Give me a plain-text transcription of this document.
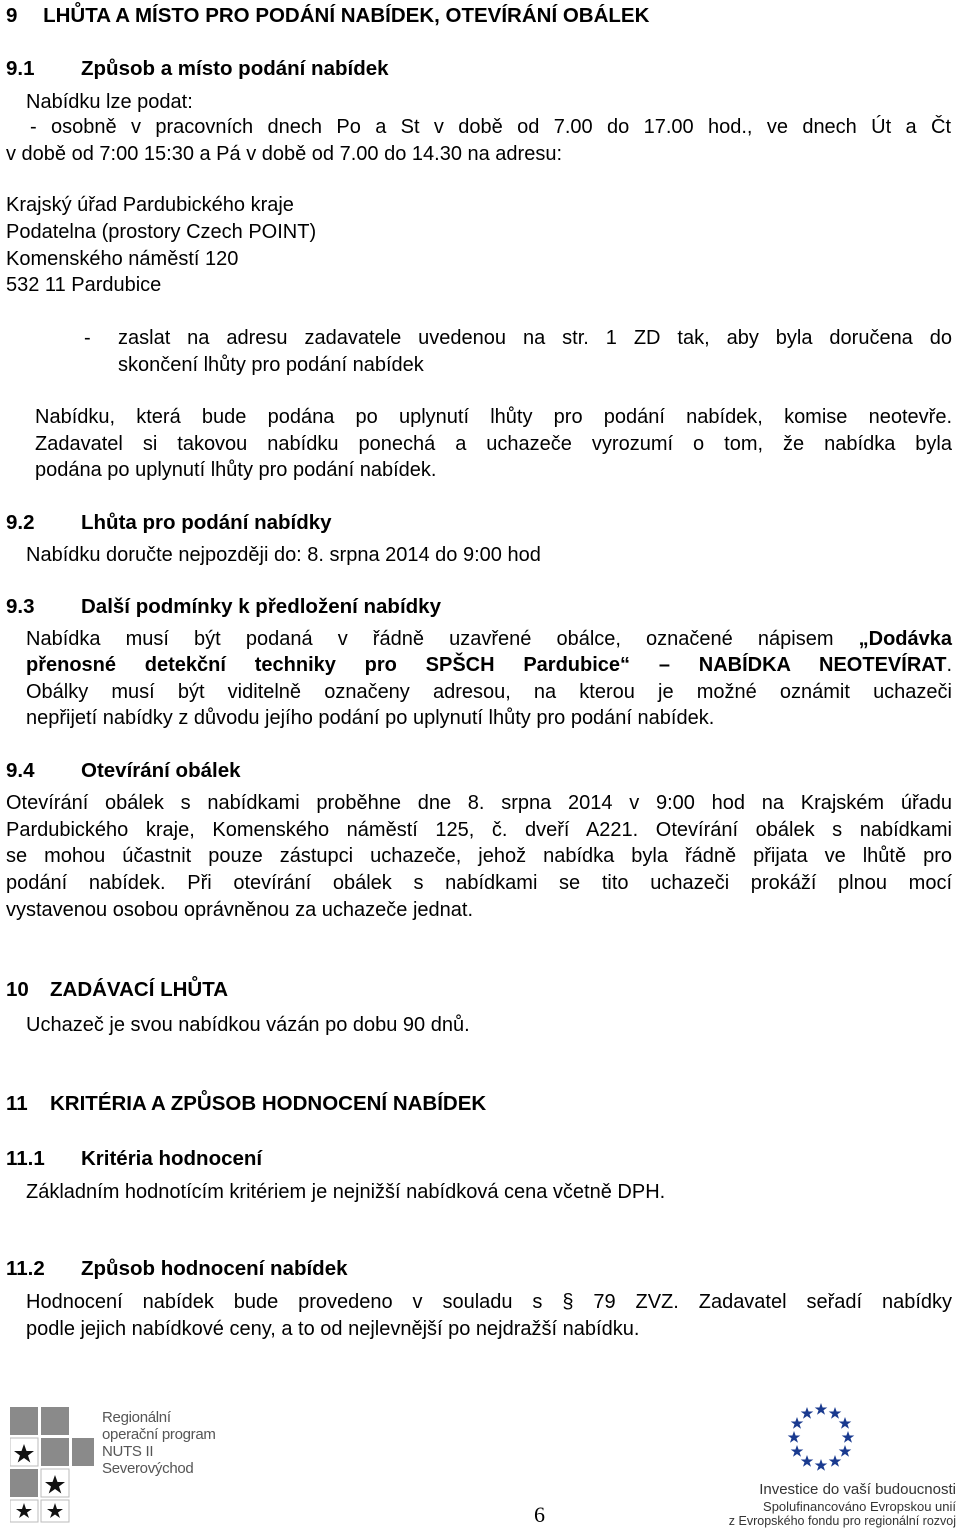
9 LHŮTA A MÍSTO PRO PODÁNÍ NABÍDEK, OTEVÍRÁNÍ OBÁLEK
9.1 Způsob a místo podání nabídek
Nabídku lze podat:
- osobně v pracovních dnech Po a St v době od 7.00 do 17.00 hod., ve dnech Út a Čt
v době od 7:00 15:30 a Pá v době od 7.00 do 14.30 na adresu:
Krajský úřad Pardubického kraje
Podatelna (prostory Czech POINT)
Komenského náměstí 120
532 11 Pardubice
- zaslat na adresu zadavatele uvedenou na str. 1 ZD tak, aby byla doručena do
skončení lhůty pro podání nabídek
Nabídku, která bude podána po uplynutí lhůty pro podání nabídek, komise neotevře.
Zadavatel si takovou nabídku ponechá a uchazeče vyrozumí o tom, že nabídka byla
podána po uplynutí lhůty pro podání nabídek.
9.2 Lhůta pro podání nabídky
Nabídku doručte nejpozději do: 8. srpna 2014 do 9:00 hod
9.3 Další podmínky k předložení nabídky
Nabídka musí být podaná v řádně uzavřené obálce, označené nápisem „Dodávka
přenosné detekční techniky pro SPŠCH Pardubice“ – NABÍDKA NEOTEVÍRAT.
Obálky musí být viditelně označeny adresou, na kterou je možné oznámit uchazeči
nepřijetí nabídky z důvodu jejího podání po uplynutí lhůty pro podání nabídek.
9.4 Otevírání obálek
Otevírání obálek s nabídkami proběhne dne 8. srpna 2014 v 9:00 hod na Krajském úřadu
Pardubického kraje, Komenského náměstí 125, č. dveří A221. Otevírání obálek s nabídkami
se mohou účastnit pouze zástupci uchazeče, jehož nabídka byla řádně přijata ve lhůtě pro
podání nabídek. Při otevírání obálek s nabídkami se tito uchazeči prokáží plnou mocí
vystavenou osobou oprávněnou za uchazeče jednat.
10 ZADÁVACÍ LHŮTA
Uchazeč je svou nabídkou vázán po dobu 90 dnů.
11 KRITÉRIA A ZPŮSOB HODNOCENÍ NABÍDEK
11.1 Kritéria hodnocení
Základním hodnotícím kritériem je nejnižší nabídková cena včetně DPH.
11.2 Způsob hodnocení nabídek
Hodnocení nabídek bude provedeno v souladu s § 79 ZVZ. Zadavatel seřadí nabídky
podle jejich nabídkové ceny, a to od nejlevnější po nejdražší nabídku.
Regionální
operační program
NUTS II Severovýchod
6
Investice do vaší budoucnosti
Spolufinancováno Evropskou unií
z Evropského fondu pro regionální rozvoj
